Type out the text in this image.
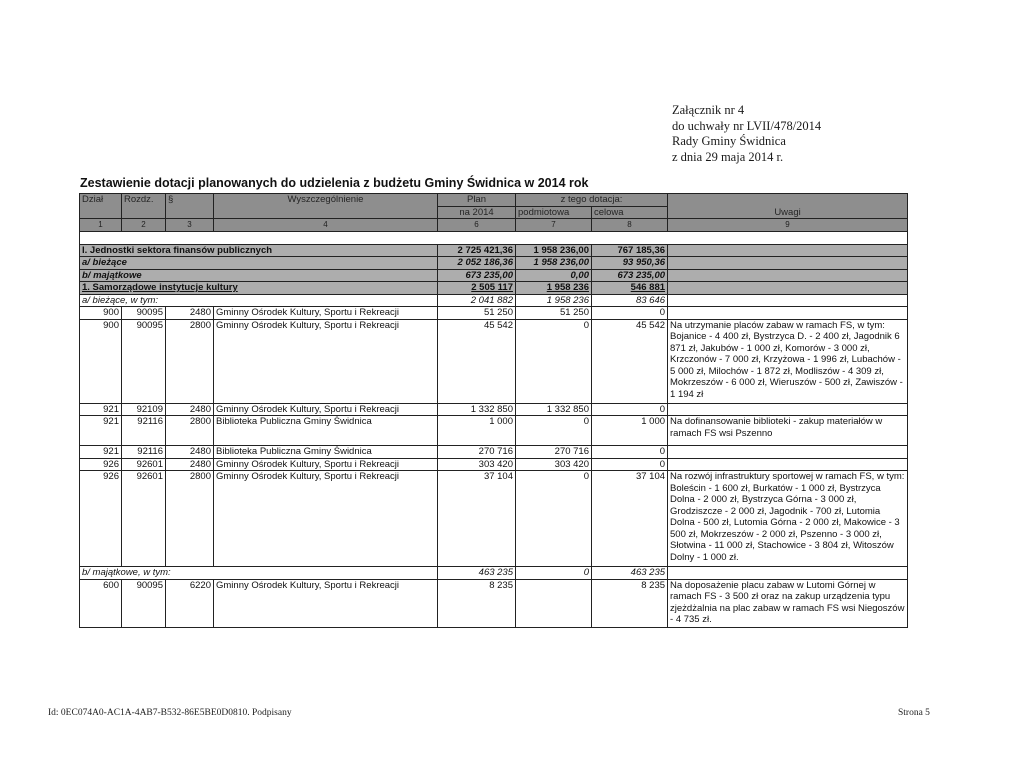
Załącznik nr 4
do uchwały nr LVII/478/2014
Rady Gminy Świdnica
z dnia 29 maja 2014 r.
Zestawienie dotacji planowanych do udzielenia z budżetu Gminy Świdnica w 2014 rok
Dział	Rozdz.	§	Wyszczególnienie	Plan	z tego dotacja:		Uwagi
				na 2014	podmiotowa	celowa	
1	2	3	4	6	7	8	9

I. Jednostki sektora finansów publicznych				2 725 421,36	1 958 236,00	767 185,36	
a/ bieżące				2 052 186,36	1 958 236,00	93 950,36	
b/ majątkowe				673 235,00	0,00	673 235,00	
1. Samorządowe instytucje kultury				2 505 117	1 958 236	546 881	
a/ bieżące, w tym:				2 041 882	1 958 236	83 646	
900	90095	2480	Gminny Ośrodek Kultury, Sportu i Rekreacji	51 250	51 250	0	
900	90095	2800	Gminny Ośrodek Kultury, Sportu i Rekreacji	45 542	0	45 542	Na utrzymanie placów zabaw w ramach FS, w tym: Bojanice - 4 400 zł, Bystrzyca D. - 2 400 zł, Jagodnik 6 871 zł, Jakubów - 1 000 zł, Komorów - 3 000 zł, Krzczonów - 7 000 zł, Krzyżowa - 1 996 zł, Lubachów - 5 000 zł, Milochów - 1 872 zł, Modliszów - 4 309 zł, Mokrzeszów - 6 000 zł, Wieruszów - 500 zł, Zawiszów - 1 194 zł
921	92109	2480	Gminny Ośrodek Kultury, Sportu i Rekreacji	1 332 850	1 332 850	0	
921	92116	2800	Biblioteka Publiczna Gminy Świdnica	1 000	0	1 000	Na dofinansowanie biblioteki - zakup materiałów w ramach FS wsi Pszenno
921	92116	2480	Biblioteka Publiczna Gminy Świdnica	270 716	270 716	0	
926	92601	2480	Gminny Ośrodek Kultury, Sportu i Rekreacji	303 420	303 420	0	
926	92601	2800	Gminny Ośrodek Kultury, Sportu i Rekreacji	37 104	0	37 104	Na rozwój infrastruktury sportowej w ramach FS, w tym: Boleścin - 1 600 zł, Burkatów - 1 000 zł, Bystrzyca Dolna - 2 000 zł, Bystrzyca Górna - 3 000 zł, Grodziszcze - 2 000 zł, Jagodnik - 700 zł, Lutomia Dolna - 500 zł, Lutomia Górna - 2 000 zł, Makowice - 3 500 zł, Mokrzeszów - 2 000 zł, Pszenno - 3 000 zł, Słotwina - 11 000 zł, Stachowice - 3 804 zł, Witoszów Dolny - 1 000 zł.
b/ majątkowe, w tym:				463 235	0	463 235	
600	90095	6220	Gminny Ośrodek Kultury, Sportu i Rekreacji	8 235		8 235	Na doposażenie placu zabaw w Lutomi Górnej w ramach FS - 3 500 zł oraz na zakup urządzenia typu zjeżdżalnia na plac zabaw w ramach FS wsi Niegoszów - 4 735 zł.
Id: 0EC074A0-AC1A-4AB7-B532-86E5BE0D0810. Podpisany	Strona 5
